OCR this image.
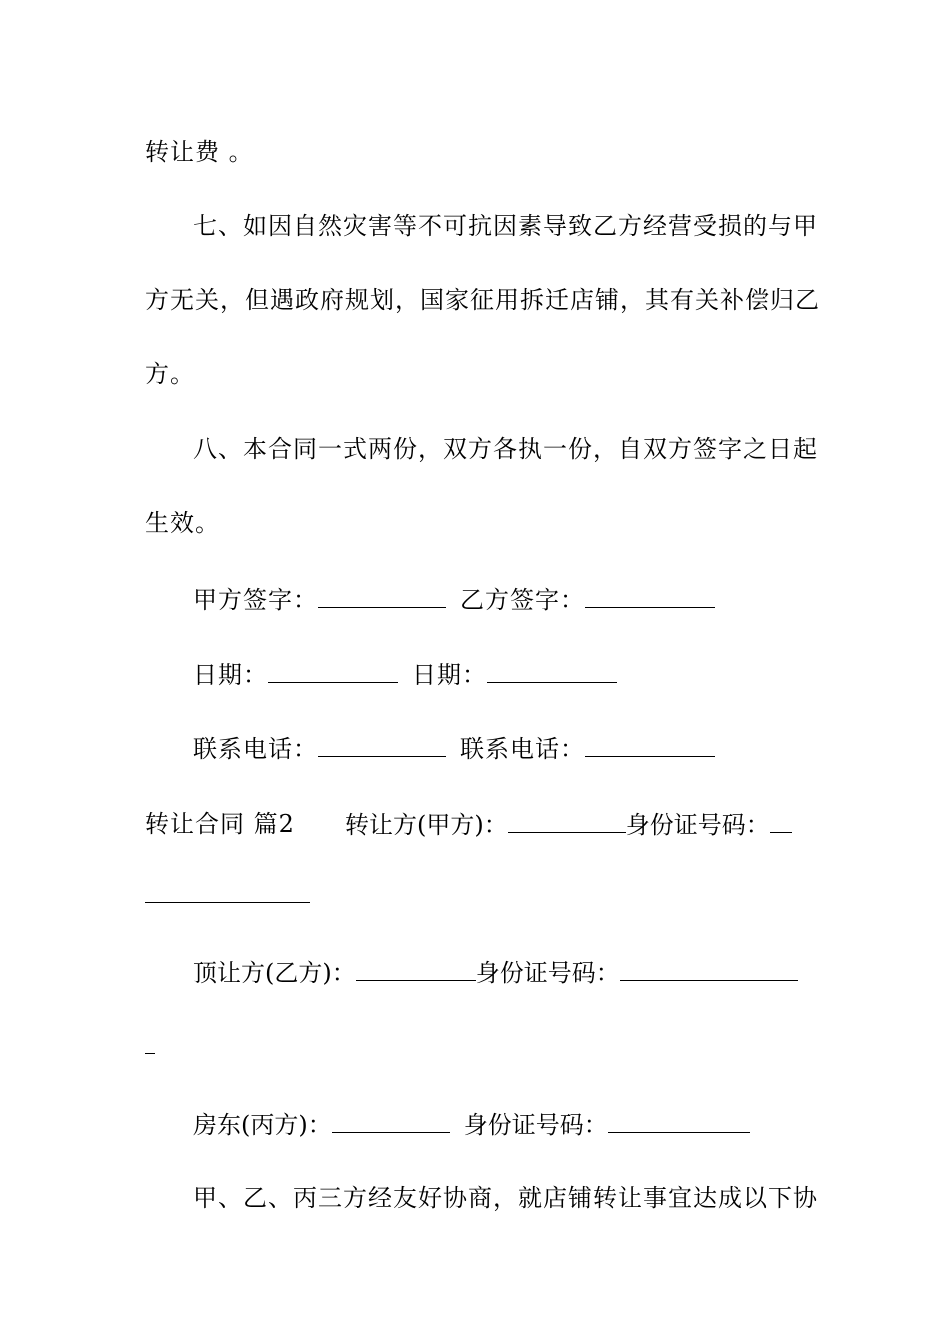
转让费 。
七、如因自然灾害等不可抗因素导致乙方经营受损的与甲
方无关，但遇政府规划，国家征用拆迁店铺，其有关补偿归乙
方。
八、本合同一式两份，双方各执一份，自双方签字之日起
生效。
甲方签字：	乙方签字：
日期：	日期：
联系电话：	联系电话：
转让合同 篇2 转让方(甲方)：	身份证号码：
顶让方(乙方)：	身份证号码：
房东(丙方)：	身份证号码：
甲、乙、丙三方经友好协商，就店铺转让事宜达成以下协
